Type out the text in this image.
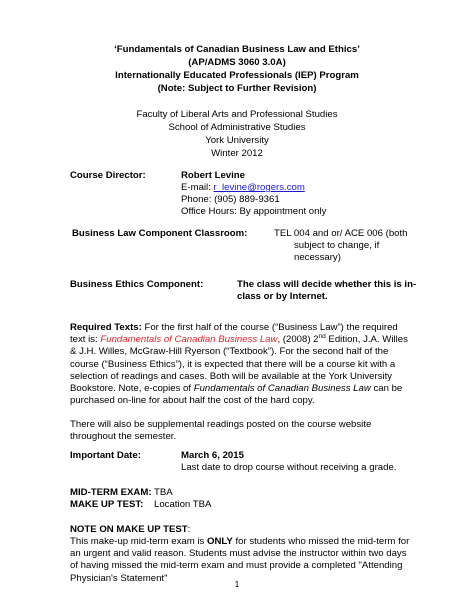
‘Fundamentals of Canadian Business Law and Ethics’
(AP/ADMS 3060 3.0A)
Internationally Educated Professionals (IEP) Program
(Note: Subject to Further Revision)
Faculty of Liberal Arts and Professional Studies
School of Administrative Studies
York University
Winter 2012
Course Director:	Robert Levine
E-mail: r_levine@rogers.com
Phone: (905) 889-9361
Office Hours: By appointment only
Business Law Component Classroom:	TEL 004 and or/ ACE 006 (both
subject to change, if
necessary)
Business Ethics Component:	The class will decide whether this is in-
class or by Internet.
Required Texts: For the first half of the course (“Business Law”) the required
text is: Fundamentals of Canadian Business Law, (2008) 2nd Edition, J.A. Willes
& J.H. Willes, McGraw-Hill Ryerson (“Textbook”). For the second half of the
course (“Business Ethics”), it is expected that there will be a course kit with a
selection of readings and cases. Both will be available at the York University
Bookstore. Note, e-copies of Fundamentals of Canadian Business Law can be
purchased on-line for about half the cost of the hard copy.
There will also be supplemental readings posted on the course website
throughout the semester.
Important Date:	March 6, 2015
Last date to drop course without receiving a grade.
MID-TERM EXAM: TBA
MAKE UP TEST: Location TBA
NOTE ON MAKE UP TEST:
This make-up mid-term exam is ONLY for students who missed the mid-term for
an urgent and valid reason. Students must advise the instructor within two days
of having missed the mid-term exam and must provide a completed "Attending
Physician's Statement"
1
